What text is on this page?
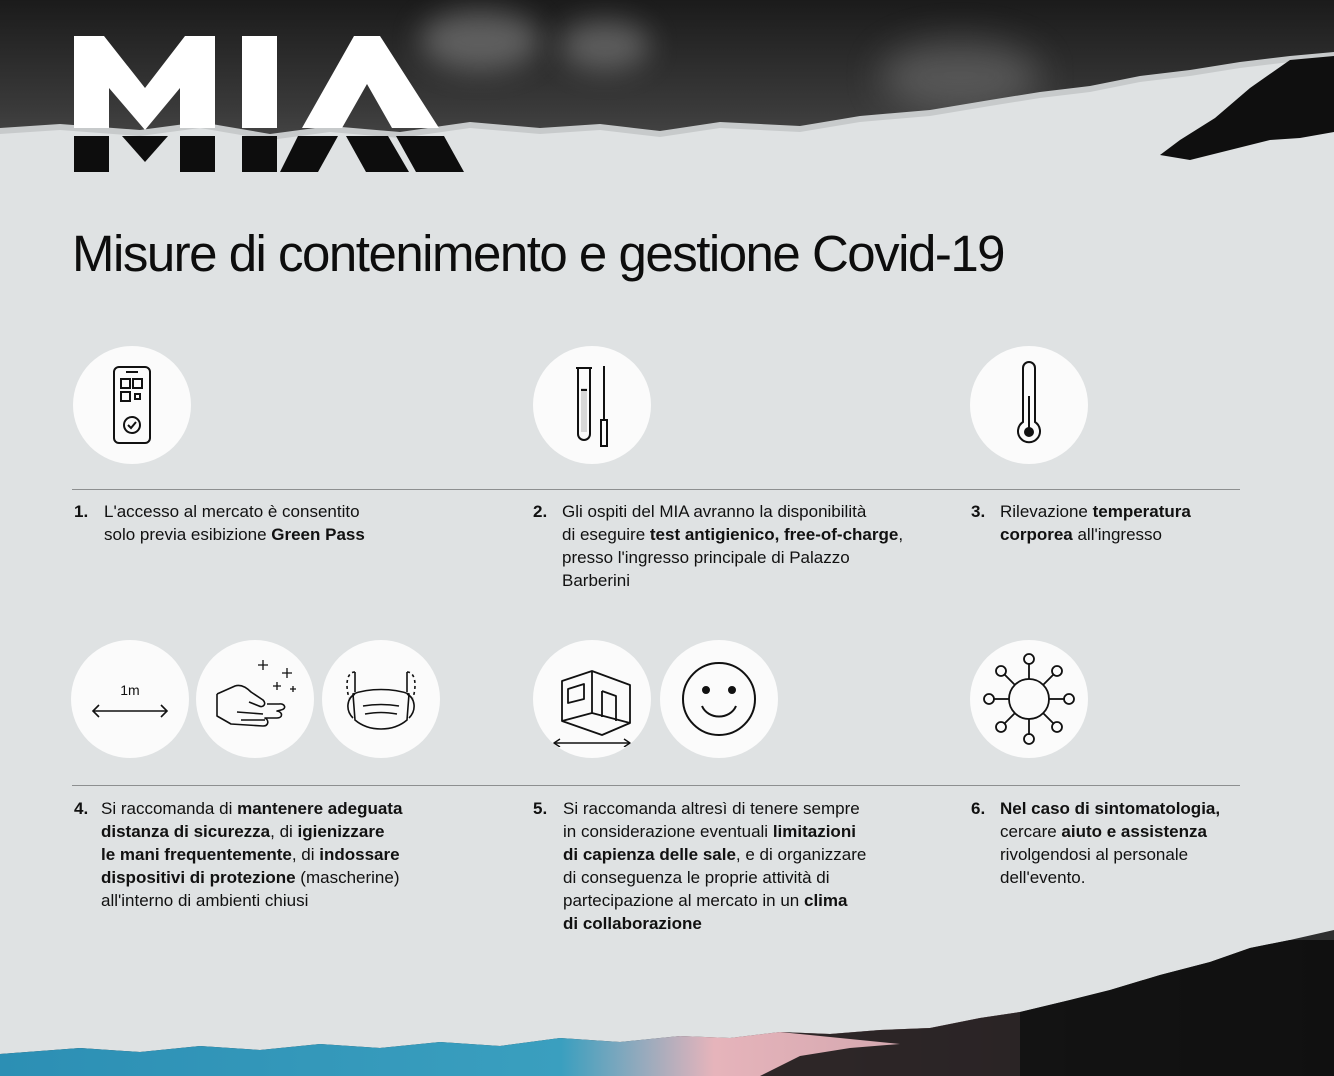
Misure di contenimento e gestione Covid-19
1. L'accesso al mercato è consentito
solo previa esibizione Green Pass
2. Gli ospiti del MIA avranno la disponibilità
di eseguire test antigienico, free-of-charge,
presso l'ingresso principale di Palazzo
Barberini
3. Rilevazione temperatura
corporea all'ingresso
1m
4. Si raccomanda di mantenere adeguata
distanza di sicurezza, di igienizzare
le mani frequentemente, di indossare
dispositivi di protezione (mascherine)
all'interno di ambienti chiusi
5. Si raccomanda altresì di tenere sempre
in considerazione eventuali limitazioni
di capienza delle sale, e di organizzare
di conseguenza le proprie attività di
partecipazione al mercato in un clima
di collaborazione
6. Nel caso di sintomatologia,
cercare aiuto e assistenza
rivolgendosi al personale
dell'evento.
